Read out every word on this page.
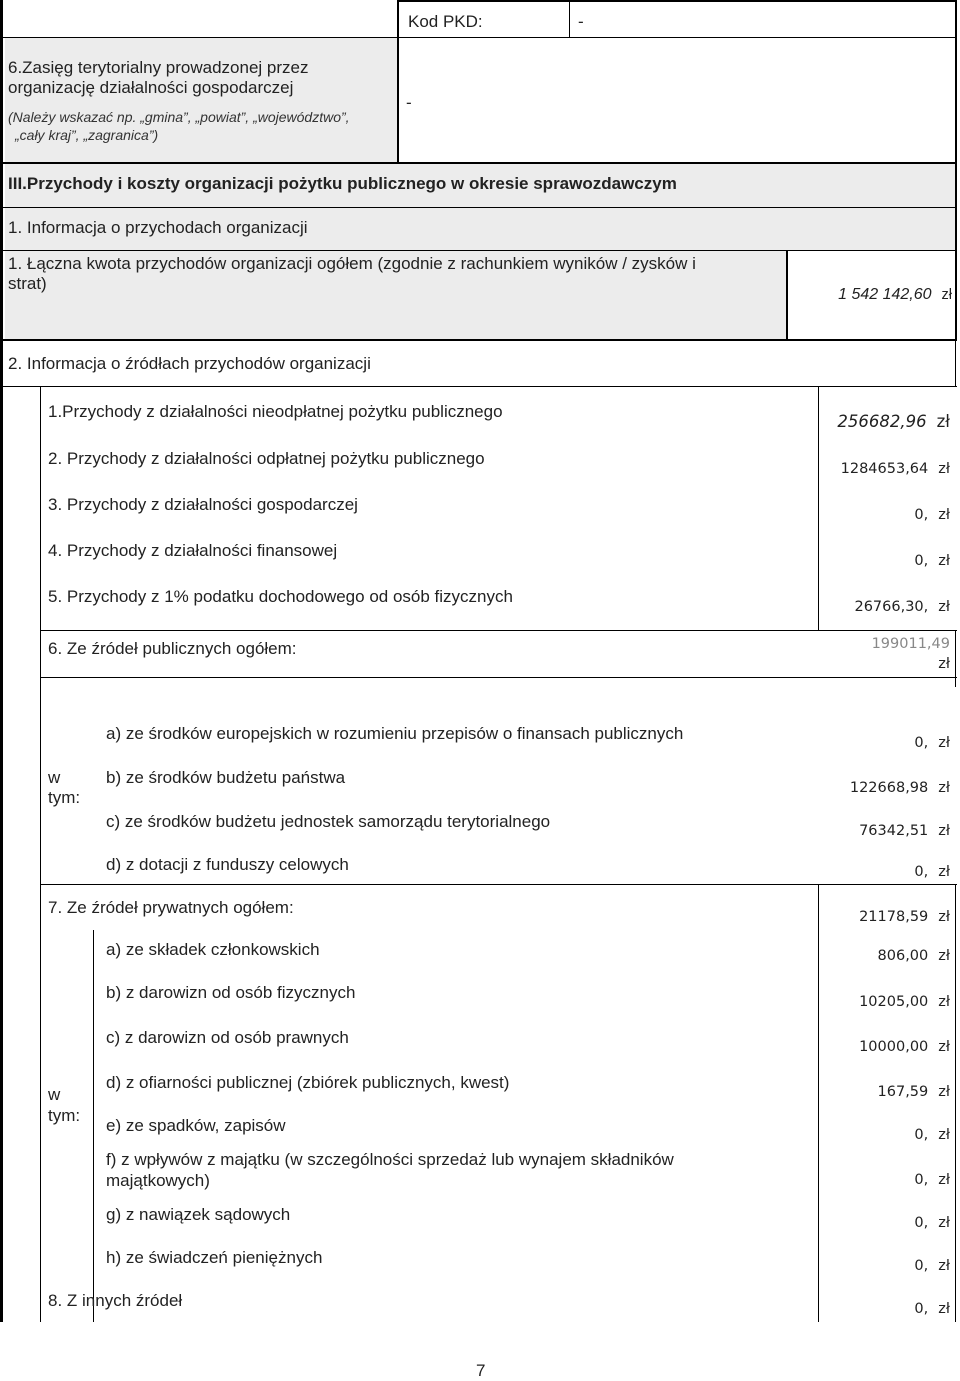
Kod PKD:	-
6.Zasięg terytorialny prowadzonej przez
organizację działalności gospodarczej
(Należy wskazać np. „gmina”, „powiat”, „województwo”,
„cały kraj”, „zagranica”)
-
III.Przychody i koszty organizacji pożytku publicznego w okresie sprawozdawczym
1. Informacja o przychodach organizacji
1. Łączna kwota przychodów organizacji ogółem (zgodnie z rachunkiem wyników / zysków i
strat)
1 542 142,60 zł
2. Informacja o źródłach przychodów organizacji
1.Przychody z działalności nieodpłatnej pożytku publicznego
256682,96 zł
2. Przychody z działalności odpłatnej pożytku publicznego
1284653,64 zł
3. Przychody z działalności gospodarczej
0, zł
4. Przychody z działalności finansowej
0, zł
5. Przychody z 1% podatku dochodowego od osób fizycznych
26766,30, zł
6. Ze źródeł publicznych ogółem:	199011,49
zł
w
tym:
a) ze środków europejskich w rozumieniu przepisów o finansach publicznych	0, zł
b) ze środków budżetu państwa
122668,98 zł
c) ze środków budżetu jednostek samorządu terytorialnego	76342,51 zł
d) z dotacji z funduszy celowych	0, zł
7. Ze źródeł prywatnych ogółem:	21178,59 zł
w
tym:
a) ze składek członkowskich	806,00 zł
b) z darowizn od osób fizycznych	10205,00 zł
c) z darowizn od osób prawnych	10000,00 zł
d) z ofiarności publicznej (zbiórek publicznych, kwest)	167,59 zł
e) ze spadków, zapisów	0, zł
f) z wpływów z majątku (w szczególności sprzedaż lub wynajem składników
majątkowych)	0, zł
g) z nawiązek sądowych	0, zł
h) ze świadczeń pieniężnych	0, zł
8. Z innych źródeł	0, zł
7
